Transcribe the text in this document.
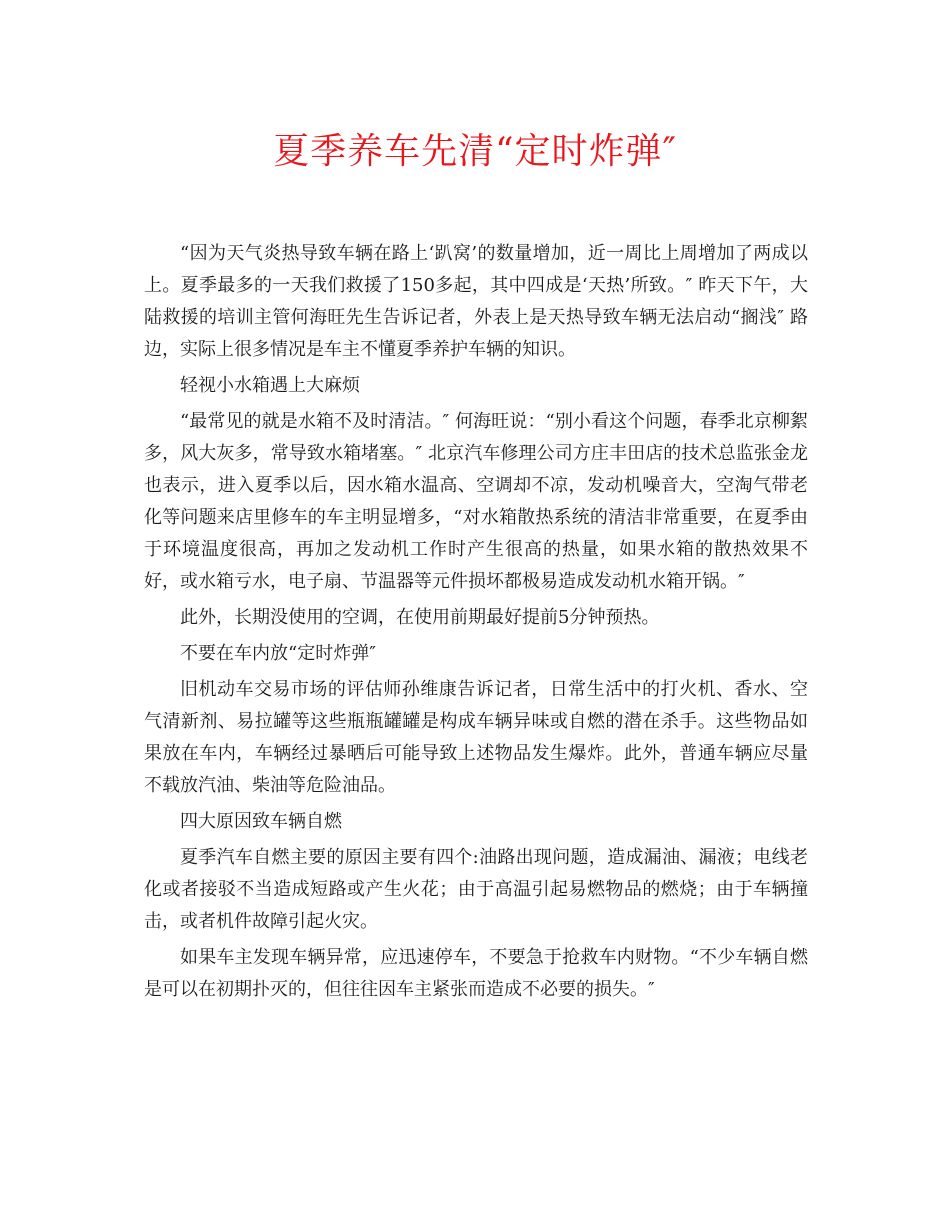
夏季养车先清“定时炸弹″

“因为天气炎热导致车辆在路上‘趴窝’的数量增加，近一周比上周增加了两成以上。夏季最多的一天我们救援了150多起，其中四成是‘天热’所致。″ 昨天下午，大陆救援的培训主管何海旺先生告诉记者，外表上是天热导致车辆无法启动“搁浅″ 路边，实际上很多情况是车主不懂夏季养护车辆的知识。

轻视小水箱遇上大麻烦

“最常见的就是水箱不及时清洁。″ 何海旺说：“别小看这个问题，春季北京柳絮多，风大灰多，常导致水箱堵塞。″ 北京汽车修理公司方庄丰田店的技术总监张金龙也表示，进入夏季以后，因水箱水温高、空调却不凉，发动机噪音大，空淘气带老化等问题来店里修车的车主明显增多，“对水箱散热系统的清洁非常重要，在夏季由于环境温度很高，再加之发动机工作时产生很高的热量，如果水箱的散热效果不好，或水箱亏水，电子扇、节温器等元件损坏都极易造成发动机水箱开锅。″

此外，长期没使用的空调，在使用前期最好提前5分钟预热。

不要在车内放“定时炸弹″

旧机动车交易市场的评估师孙维康告诉记者，日常生活中的打火机、香水、空气清新剂、易拉罐等这些瓶瓶罐罐是构成车辆异味或自燃的潜在杀手。这些物品如果放在车内，车辆经过暴晒后可能导致上述物品发生爆炸。此外，普通车辆应尽量不载放汽油、柴油等危险油品。

四大原因致车辆自燃

夏季汽车自燃主要的原因主要有四个:油路出现问题，造成漏油、漏液；电线老化或者接驳不当造成短路或产生火花；由于高温引起易燃物品的燃烧；由于车辆撞击，或者机件故障引起火灾。

如果车主发现车辆异常，应迅速停车，不要急于抢救车内财物。“不少车辆自燃是可以在初期扑灭的，但往往因车主紧张而造成不必要的损失。″
